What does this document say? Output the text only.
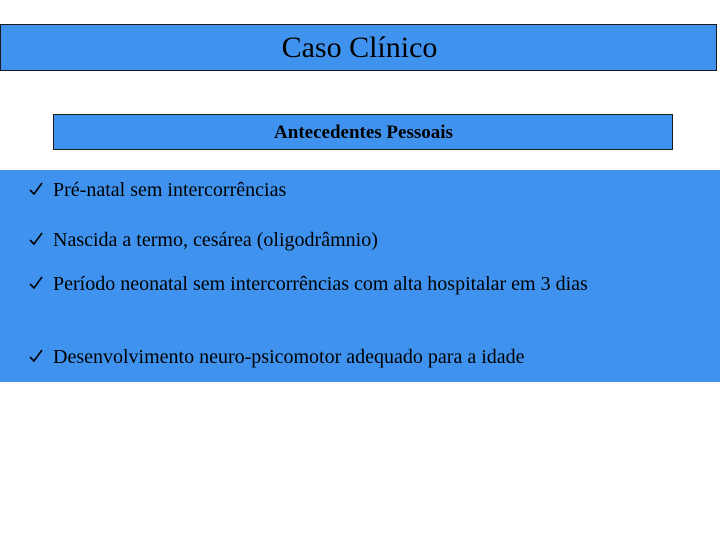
Caso Clínico
Antecedentes Pessoais
Pré-natal sem intercorrências
Nascida a termo, cesárea (oligodrâmnio)
Período neonatal sem intercorrências com alta hospitalar em 3 dias
Desenvolvimento neuro-psicomotor adequado para a idade
